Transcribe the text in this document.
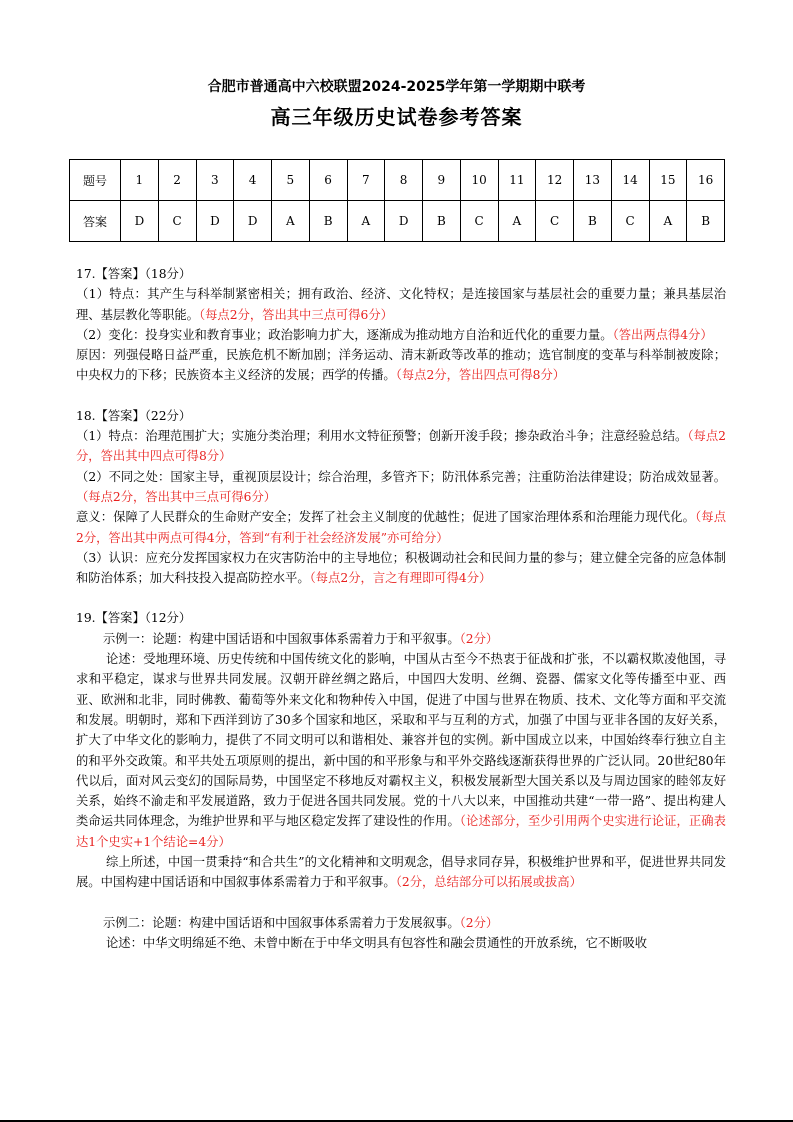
合肥市普通高中六校联盟2024-2025学年第一学期期中联考
高三年级历史试卷参考答案
题号	1	2	3	4	5	6	7	8	9	10	11	12	13	14	15	16
答案	D	C	D	D	A	B	A	D	B	C	A	C	B	C	A	B

17.【答案】（18分）

（1）特点：其产生与科举制紧密相关；拥有政治、经济、文化特权；是连接国家与基层社会的重要力量；兼具基层治理、基层教化等职能。（每点2分，答出其中三点可得6分）

（2）变化：投身实业和教育事业；政治影响力扩大，逐渐成为推动地方自治和近代化的重要力量。（答出两点得4分）

原因：列强侵略日益严重，民族危机不断加剧；洋务运动、清末新政等改革的推动；选官制度的变革与科举制被废除；中央权力的下移；民族资本主义经济的发展；西学的传播。（每点2分，答出四点可得8分）

18.【答案】（22分）

（1）特点：治理范围扩大；实施分类治理；利用水文特征预警；创新开浚手段；掺杂政治斗争；注意经验总结。（每点2分，答出其中四点可得8分）

（2）不同之处：国家主导，重视顶层设计；综合治理，多管齐下；防汛体系完善；注重防治法律建设；防治成效显著。（每点2分，答出其中三点可得6分）

意义：保障了人民群众的生命财产安全；发挥了社会主义制度的优越性；促进了国家治理体系和治理能力现代化。（每点2分，答出其中两点可得4分，答到“有利于社会经济发展”亦可给分）

（3）认识：应充分发挥国家权力在灾害防治中的主导地位；积极调动社会和民间力量的参与；建立健全完备的应急体制和防治体系；加大科技投入提高防控水平。（每点2分，言之有理即可得4分）

19.【答案】（12分）

示例一：论题：构建中国话语和中国叙事体系需着力于和平叙事。（2分）

论述：受地理环境、历史传统和中国传统文化的影响，中国从古至今不热衷于征战和扩张，不以霸权欺凌他国，寻求和平稳定，谋求与世界共同发展。汉朝开辟丝绸之路后，中国四大发明、丝绸、瓷器、儒家文化等传播至中亚、西亚、欧洲和北非，同时佛教、葡萄等外来文化和物种传入中国，促进了中国与世界在物质、技术、文化等方面和平交流和发展。明朝时，郑和下西洋到访了30多个国家和地区，采取和平与互利的方式，加强了中国与亚非各国的友好关系，扩大了中华文化的影响力，提供了不同文明可以和谐相处、兼容并包的实例。新中国成立以来，中国始终奉行独立自主的和平外交政策。和平共处五项原则的提出，新中国的和平形象与和平外交路线逐渐获得世界的广泛认同。20世纪80年代以后，面对风云变幻的国际局势，中国坚定不移地反对霸权主义，积极发展新型大国关系以及与周边国家的睦邻友好关系，始终不渝走和平发展道路，致力于促进各国共同发展。党的十八大以来，中国推动共建“一带一路”、提出构建人类命运共同体理念，为维护世界和平与地区稳定发挥了建设性的作用。（论述部分，至少引用两个史实进行论证，正确表达1个史实+1个结论=4分）

综上所述，中国一贯秉持“和合共生”的文化精神和文明观念，倡导求同存异，积极维护世界和平，促进世界共同发展。中国构建中国话语和中国叙事体系需着力于和平叙事。（2分，总结部分可以拓展或拔高）

示例二：论题：构建中国话语和中国叙事体系需着力于发展叙事。（2分）

论述：中华文明绵延不绝、未曾中断在于中华文明具有包容性和融会贯通性的开放系统，它不断吸收
